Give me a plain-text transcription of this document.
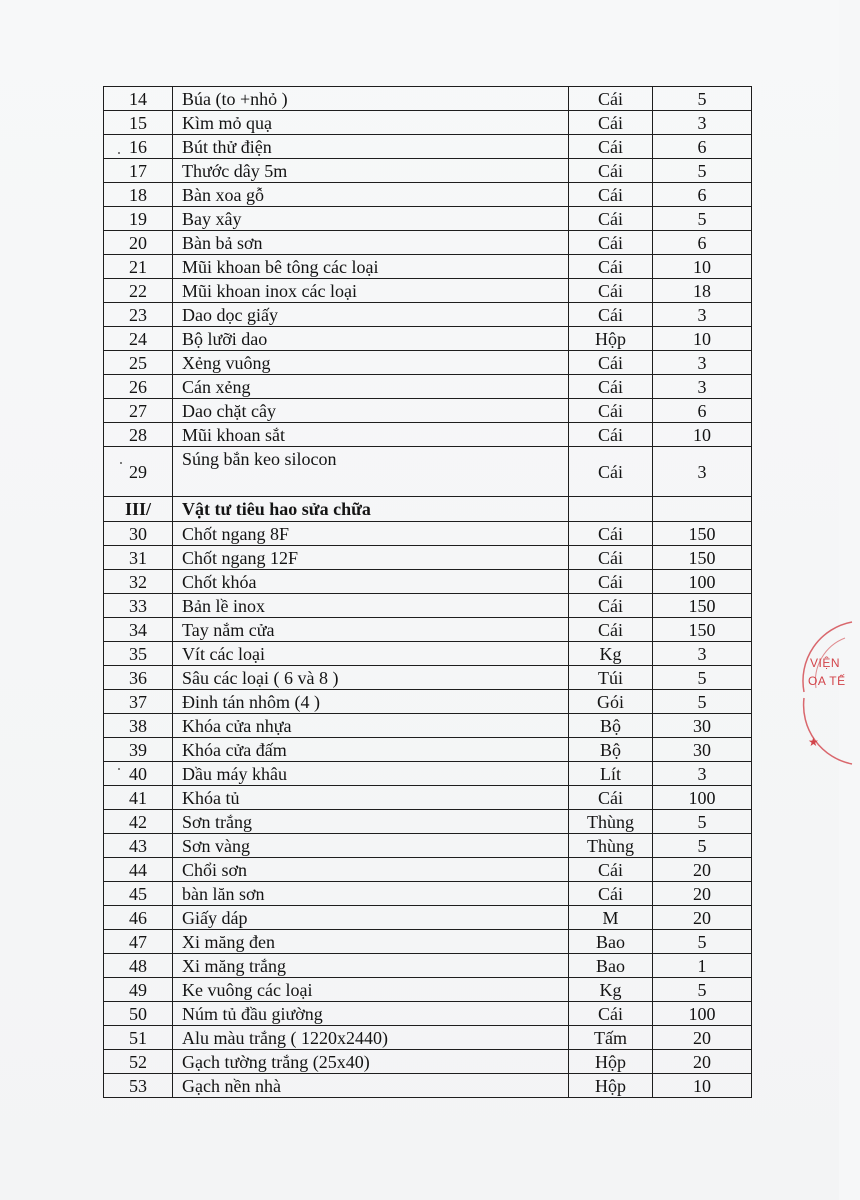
14	Búa (to +nhỏ )	Cái	5
15	Kìm mỏ quạ	Cái	3
16	Bút thử điện	Cái	6
17	Thước dây 5m	Cái	5
18	Bàn xoa gỗ	Cái	6
19	Bay xây	Cái	5
20	Bàn bả sơn	Cái	6
21	Mũi khoan bê tông các loại	Cái	10
22	Mũi khoan inox các loại	Cái	18
23	Dao dọc giấy	Cái	3
24	Bộ lưỡi dao	Hộp	10
25	Xẻng vuông	Cái	3
26	Cán xẻng	Cái	3
27	Dao chặt cây	Cái	6
28	Mũi khoan sắt	Cái	10
29	Súng bắn keo silocon	Cái	3
III/	Vật tư tiêu hao sửa chữa		
30	Chốt ngang 8F	Cái	150
31	Chốt ngang 12F	Cái	150
32	Chốt khóa	Cái	100
33	Bản lề inox	Cái	150
34	Tay nắm cửa	Cái	150
35	Vít các loại	Kg	3
36	Sâu các loại ( 6 và 8 )	Túi	5
37	Đinh tán nhôm (4 )	Gói	5
38	Khóa cửa nhựa	Bộ	30
39	Khóa cửa đấm	Bộ	30
40	Dầu máy khâu	Lít	3
41	Khóa tủ	Cái	100
42	Sơn trắng	Thùng	5
43	Sơn vàng	Thùng	5
44	Chổi sơn	Cái	20
45	bàn lăn sơn	Cái	20
46	Giấy dáp	M	20
47	Xi măng đen	Bao	5
48	Xi măng trắng	Bao	1
49	Ke vuông các loại	Kg	5
50	Núm tủ đầu giường	Cái	100
51	Alu màu trắng ( 1220x2440)	Tấm	20
52	Gạch tường trắng (25x40)	Hộp	20
53	Gạch nền nhà	Hộp	10
★
VIỆN
OA TẾ
